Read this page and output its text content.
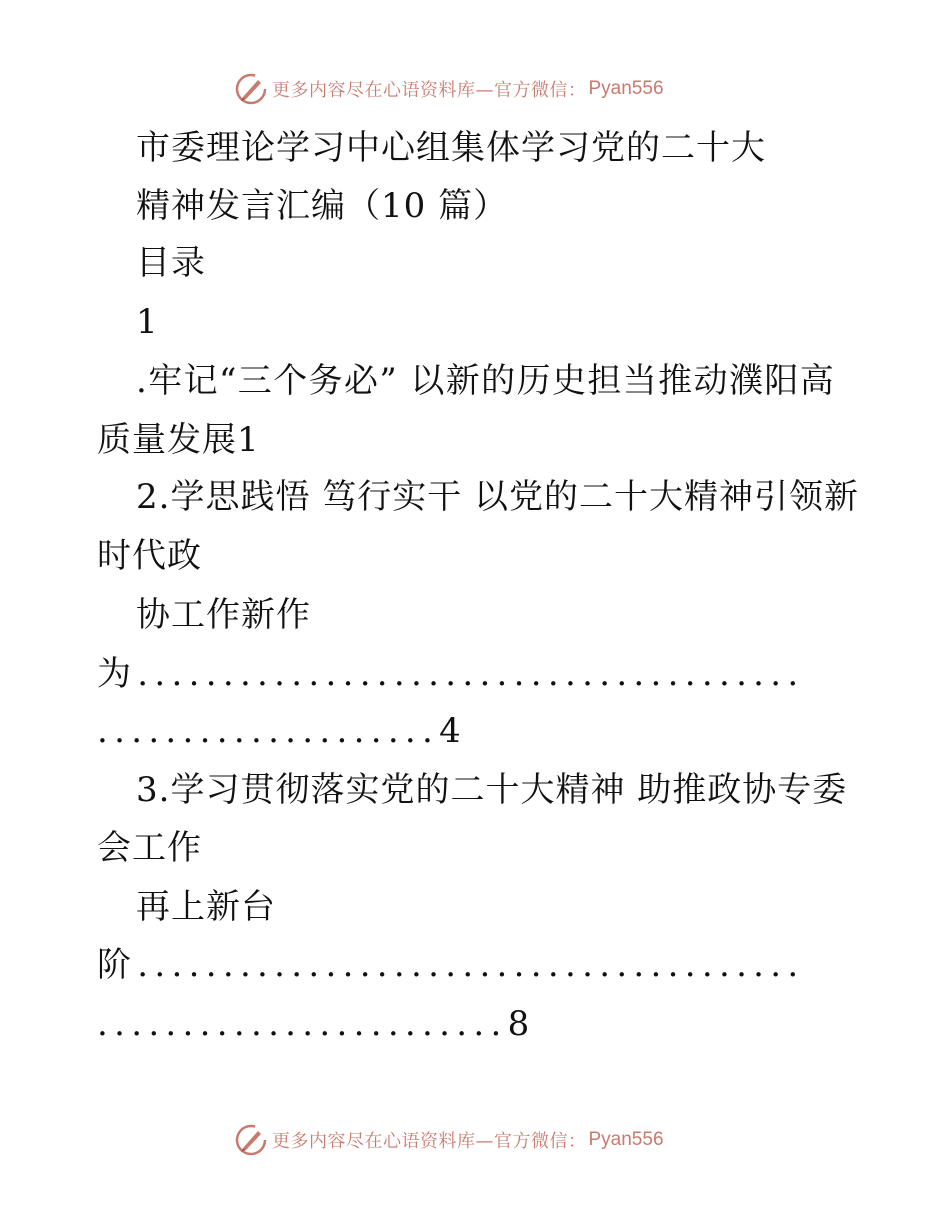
更多内容尽在心语资料库—官方微信： Pyan556
市委理论学习中心组集体学习党的二十大
精神发言汇编（10 篇）
目录
1
.牢记“三个务必” 以新的历史担当推动濮阳高
质量发展1
2.学思践悟 笃行实干 以党的二十大精神引领新
时代政
协工作新作
为.......................................
....................4
3.学习贯彻落实党的二十大精神 助推政协专委
会工作
再上新台
阶.......................................
........................8
更多内容尽在心语资料库—官方微信： Pyan556
